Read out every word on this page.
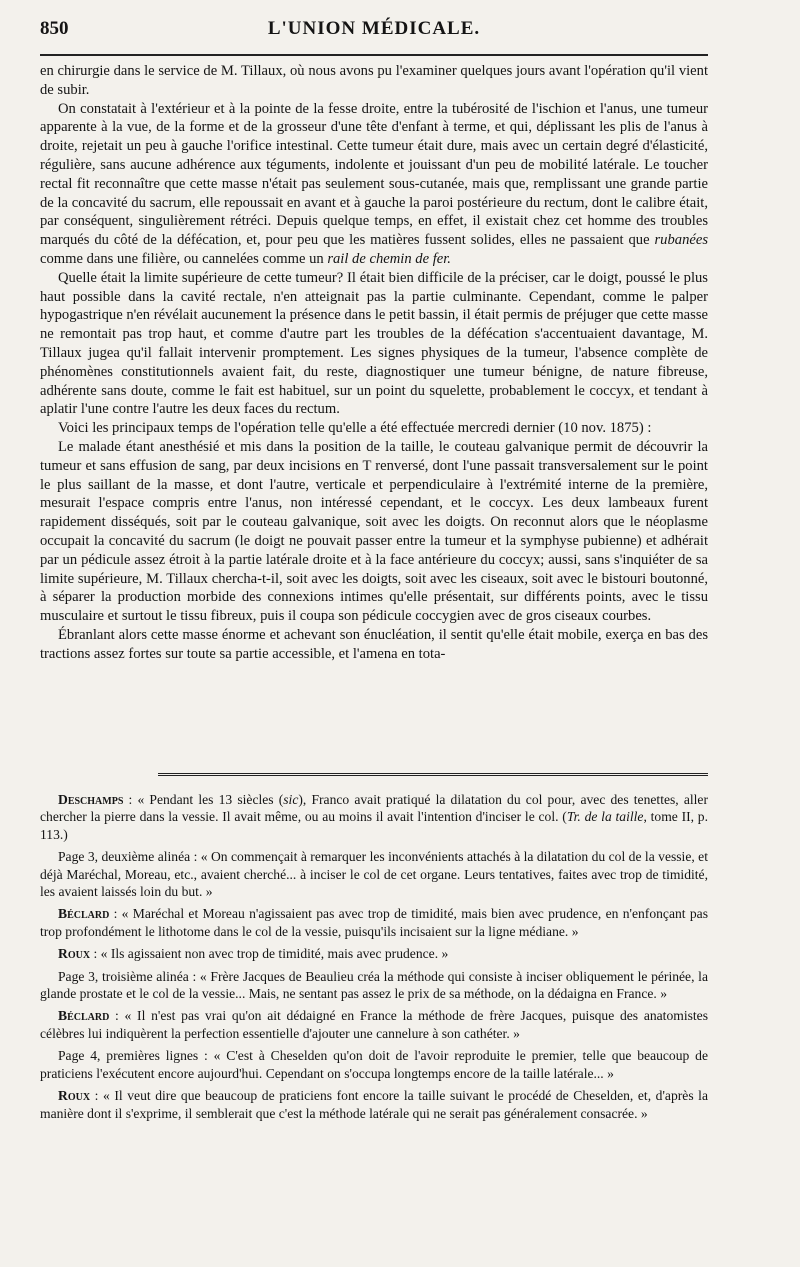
850	L'UNION MÉDICALE.

en chirurgie dans le service de M. Tillaux, où nous avons pu l'examiner quelques jours avant l'opération qu'il vient de subir.

On constatait à l'extérieur et à la pointe de la fesse droite, entre la tubérosité de l'ischion et l'anus, une tumeur apparente à la vue, de la forme et de la grosseur d'une tête d'enfant à terme, et qui, déplissant les plis de l'anus à droite, rejetait un peu à gauche l'orifice intestinal. Cette tumeur était dure, mais avec un certain degré d'élasticité, régulière, sans aucune adhérence aux téguments, indolente et jouissant d'un peu de mobilité latérale. Le toucher rectal fit reconnaître que cette masse n'était pas seulement sous-cutanée, mais que, remplissant une grande partie de la concavité du sacrum, elle repoussait en avant et à gauche la paroi postérieure du rectum, dont le calibre était, par conséquent, singulièrement rétréci. Depuis quelque temps, en effet, il existait chez cet homme des troubles marqués du côté de la défécation, et, pour peu que les matières fussent solides, elles ne passaient que rubanées comme dans une filière, ou cannelées comme un rail de chemin de fer.

Quelle était la limite supérieure de cette tumeur? Il était bien difficile de la préciser, car le doigt, poussé le plus haut possible dans la cavité rectale, n'en atteignait pas la partie culminante. Cependant, comme le palper hypogastrique n'en révélait aucunement la présence dans le petit bassin, il était permis de préjuger que cette masse ne remontait pas trop haut, et comme d'autre part les troubles de la défécation s'accentuaient davantage, M. Tillaux jugea qu'il fallait intervenir promptement. Les signes physiques de la tumeur, l'absence complète de phénomènes constitutionnels avaient fait, du reste, diagnostiquer une tumeur bénigne, de nature fibreuse, adhérente sans doute, comme le fait est habituel, sur un point du squelette, probablement le coccyx, et tendant à aplatir l'une contre l'autre les deux faces du rectum.

Voici les principaux temps de l'opération telle qu'elle a été effectuée mercredi dernier (10 nov. 1875) :

Le malade étant anesthésié et mis dans la position de la taille, le couteau galvanique permit de découvrir la tumeur et sans effusion de sang, par deux incisions en T renversé, dont l'une passait transversalement sur le point le plus saillant de la masse, et dont l'autre, verticale et perpendiculaire à l'extrémité interne de la première, mesurait l'espace compris entre l'anus, non intéressé cependant, et le coccyx. Les deux lambeaux furent rapidement disséqués, soit par le couteau galvanique, soit avec les doigts. On reconnut alors que le néoplasme occupait la concavité du sacrum (le doigt ne pouvait passer entre la tumeur et la symphyse pubienne) et adhérait par un pédicule assez étroit à la partie latérale droite et à la face antérieure du coccyx; aussi, sans s'inquiéter de sa limite supérieure, M. Tillaux chercha-t-il, soit avec les doigts, soit avec les ciseaux, soit avec le bistouri boutonné, à séparer la production morbide des connexions intimes qu'elle présentait, sur différents points, avec le tissu musculaire et surtout le tissu fibreux, puis il coupa son pédicule coccygien avec de gros ciseaux courbes.

Ébranlant alors cette masse énorme et achevant son énucléation, il sentit qu'elle était mobile, exerça en bas des tractions assez fortes sur toute sa partie accessible, et l'amena en tota-

Deschamps : « Pendant les 13 siècles (sic), Franco avait pratiqué la dilatation du col pour, avec des tenettes, aller chercher la pierre dans la vessie. Il avait même, ou au moins il avait l'intention d'inciser le col. (Tr. de la taille, tome II, p. 113.)

Page 3, deuxième alinéa : « On commençait à remarquer les inconvénients attachés à la dilatation du col de la vessie, et déjà Maréchal, Moreau, etc., avaient cherché... à inciser le col de cet organe. Leurs tentatives, faites avec trop de timidité, les avaient laissés loin du but. »

Béclard : « Maréchal et Moreau n'agissaient pas avec trop de timidité, mais bien avec prudence, en n'enfonçant pas trop profondément le lithotome dans le col de la vessie, puisqu'ils incisaient sur la ligne médiane. »

Roux : « Ils agissaient non avec trop de timidité, mais avec prudence. »

Page 3, troisième alinéa : « Frère Jacques de Beaulieu créa la méthode qui consiste à inciser obliquement le périnée, la glande prostate et le col de la vessie... Mais, ne sentant pas assez le prix de sa méthode, on la dédaigna en France. »

Béclard : « Il n'est pas vrai qu'on ait dédaigné en France la méthode de frère Jacques, puisque des anatomistes célèbres lui indiquèrent la perfection essentielle d'ajouter une cannelure à son cathéter. »

Page 4, premières lignes : « C'est à Cheselden qu'on doit de l'avoir reproduite le premier, telle que beaucoup de praticiens l'exécutent encore aujourd'hui. Cependant on s'occupa longtemps encore de la taille latérale... »

Roux : « Il veut dire que beaucoup de praticiens font encore la taille suivant le procédé de Cheselden, et, d'après la manière dont il s'exprime, il semblerait que c'est la méthode latérale qui ne serait pas généralement consacrée. »
